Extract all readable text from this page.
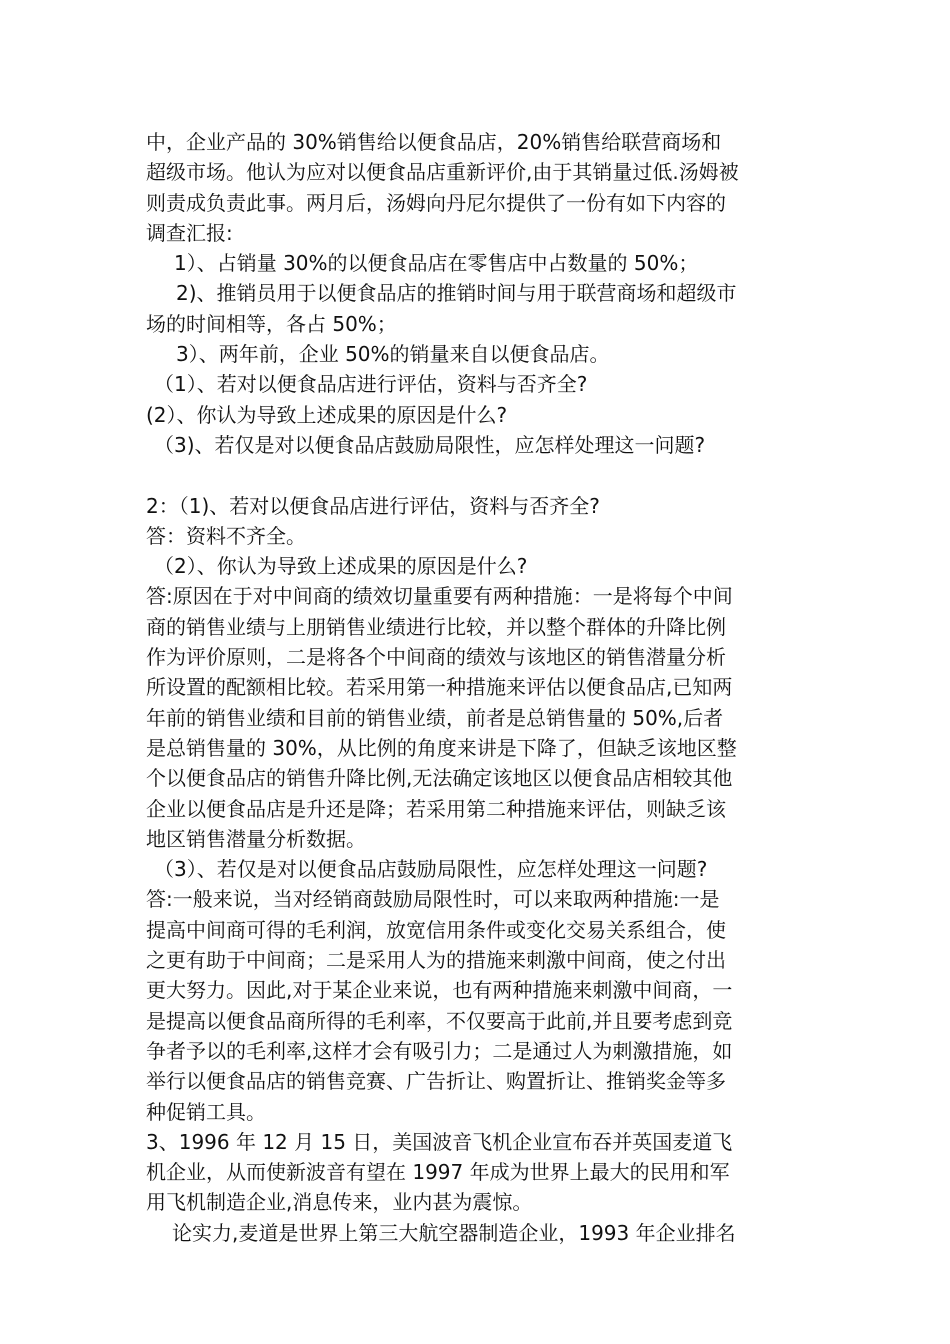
中，企业产品的 30%销售给以便食品店，20%销售给联营商场和
超级市场。他认为应对以便食品店重新评价,由于其销量过低.汤姆被
则责成负责此事。两月后，汤姆向丹尼尔提供了一份有如下内容的
调查汇报:
1）、占销量 30%的以便食品店在零售店中占数量的 50%；
2)、推销员用于以便食品店的推销时间与用于联营商场和超级市
场的时间相等，各占 50%；
3）、两年前，企业 50%的销量来自以便食品店。
（1）、若对以便食品店进行评估，资料与否齐全?
(2）、你认为导致上述成果的原因是什么?
（3)、若仅是对以便食品店鼓励局限性，应怎样处理这一问题?
2：（1)、若对以便食品店进行评估，资料与否齐全?
答：资料不齐全。
（2）、你认为导致上述成果的原因是什么?
答:原因在于对中间商的绩效切量重要有两种措施：一是将每个中间
商的销售业绩与上朋销售业绩进行比较，并以整个群体的升降比例
作为评价原则，二是将各个中间商的绩效与该地区的销售潜量分析
所设置的配额相比较。若采用第一种措施来评估以便食品店,已知两
年前的销售业绩和目前的销售业绩，前者是总销售量的 50%,后者
是总销售量的 30%，从比例的角度来讲是下降了，但缺乏该地区整
个以便食品店的销售升降比例,无法确定该地区以便食品店相较其他
企业以便食品店是升还是降；若采用第二种措施来评估，则缺乏该
地区销售潜量分析数据。
（3）、若仅是对以便食品店鼓励局限性，应怎样处理这一问题?
答:一般来说，当对经销商鼓励局限性时，可以来取两种措施:一是
提高中间商可得的毛利润，放宽信用条件或变化交易关系组合，使
之更有助于中间商；二是采用人为的措施来刺激中间商，使之付出
更大努力。因此,对于某企业来说，也有两种措施来刺激中间商，一
是提高以便食品商所得的毛利率，不仅要高于此前,并且要考虑到竞
争者予以的毛利率,这样才会有吸引力；二是通过人为刺激措施，如
举行以便食品店的销售竞赛、广告折让、购置折让、推销奖金等多
种促销工具。
3、1996 年 12 月 15 日，美国波音飞机企业宣布吞并英国麦道飞
机企业，从而使新波音有望在 1997 年成为世界上最大的民用和军
用飞机制造企业,消息传来，业内甚为震惊。
论实力,麦道是世界上第三大航空器制造企业，1993 年企业排名
